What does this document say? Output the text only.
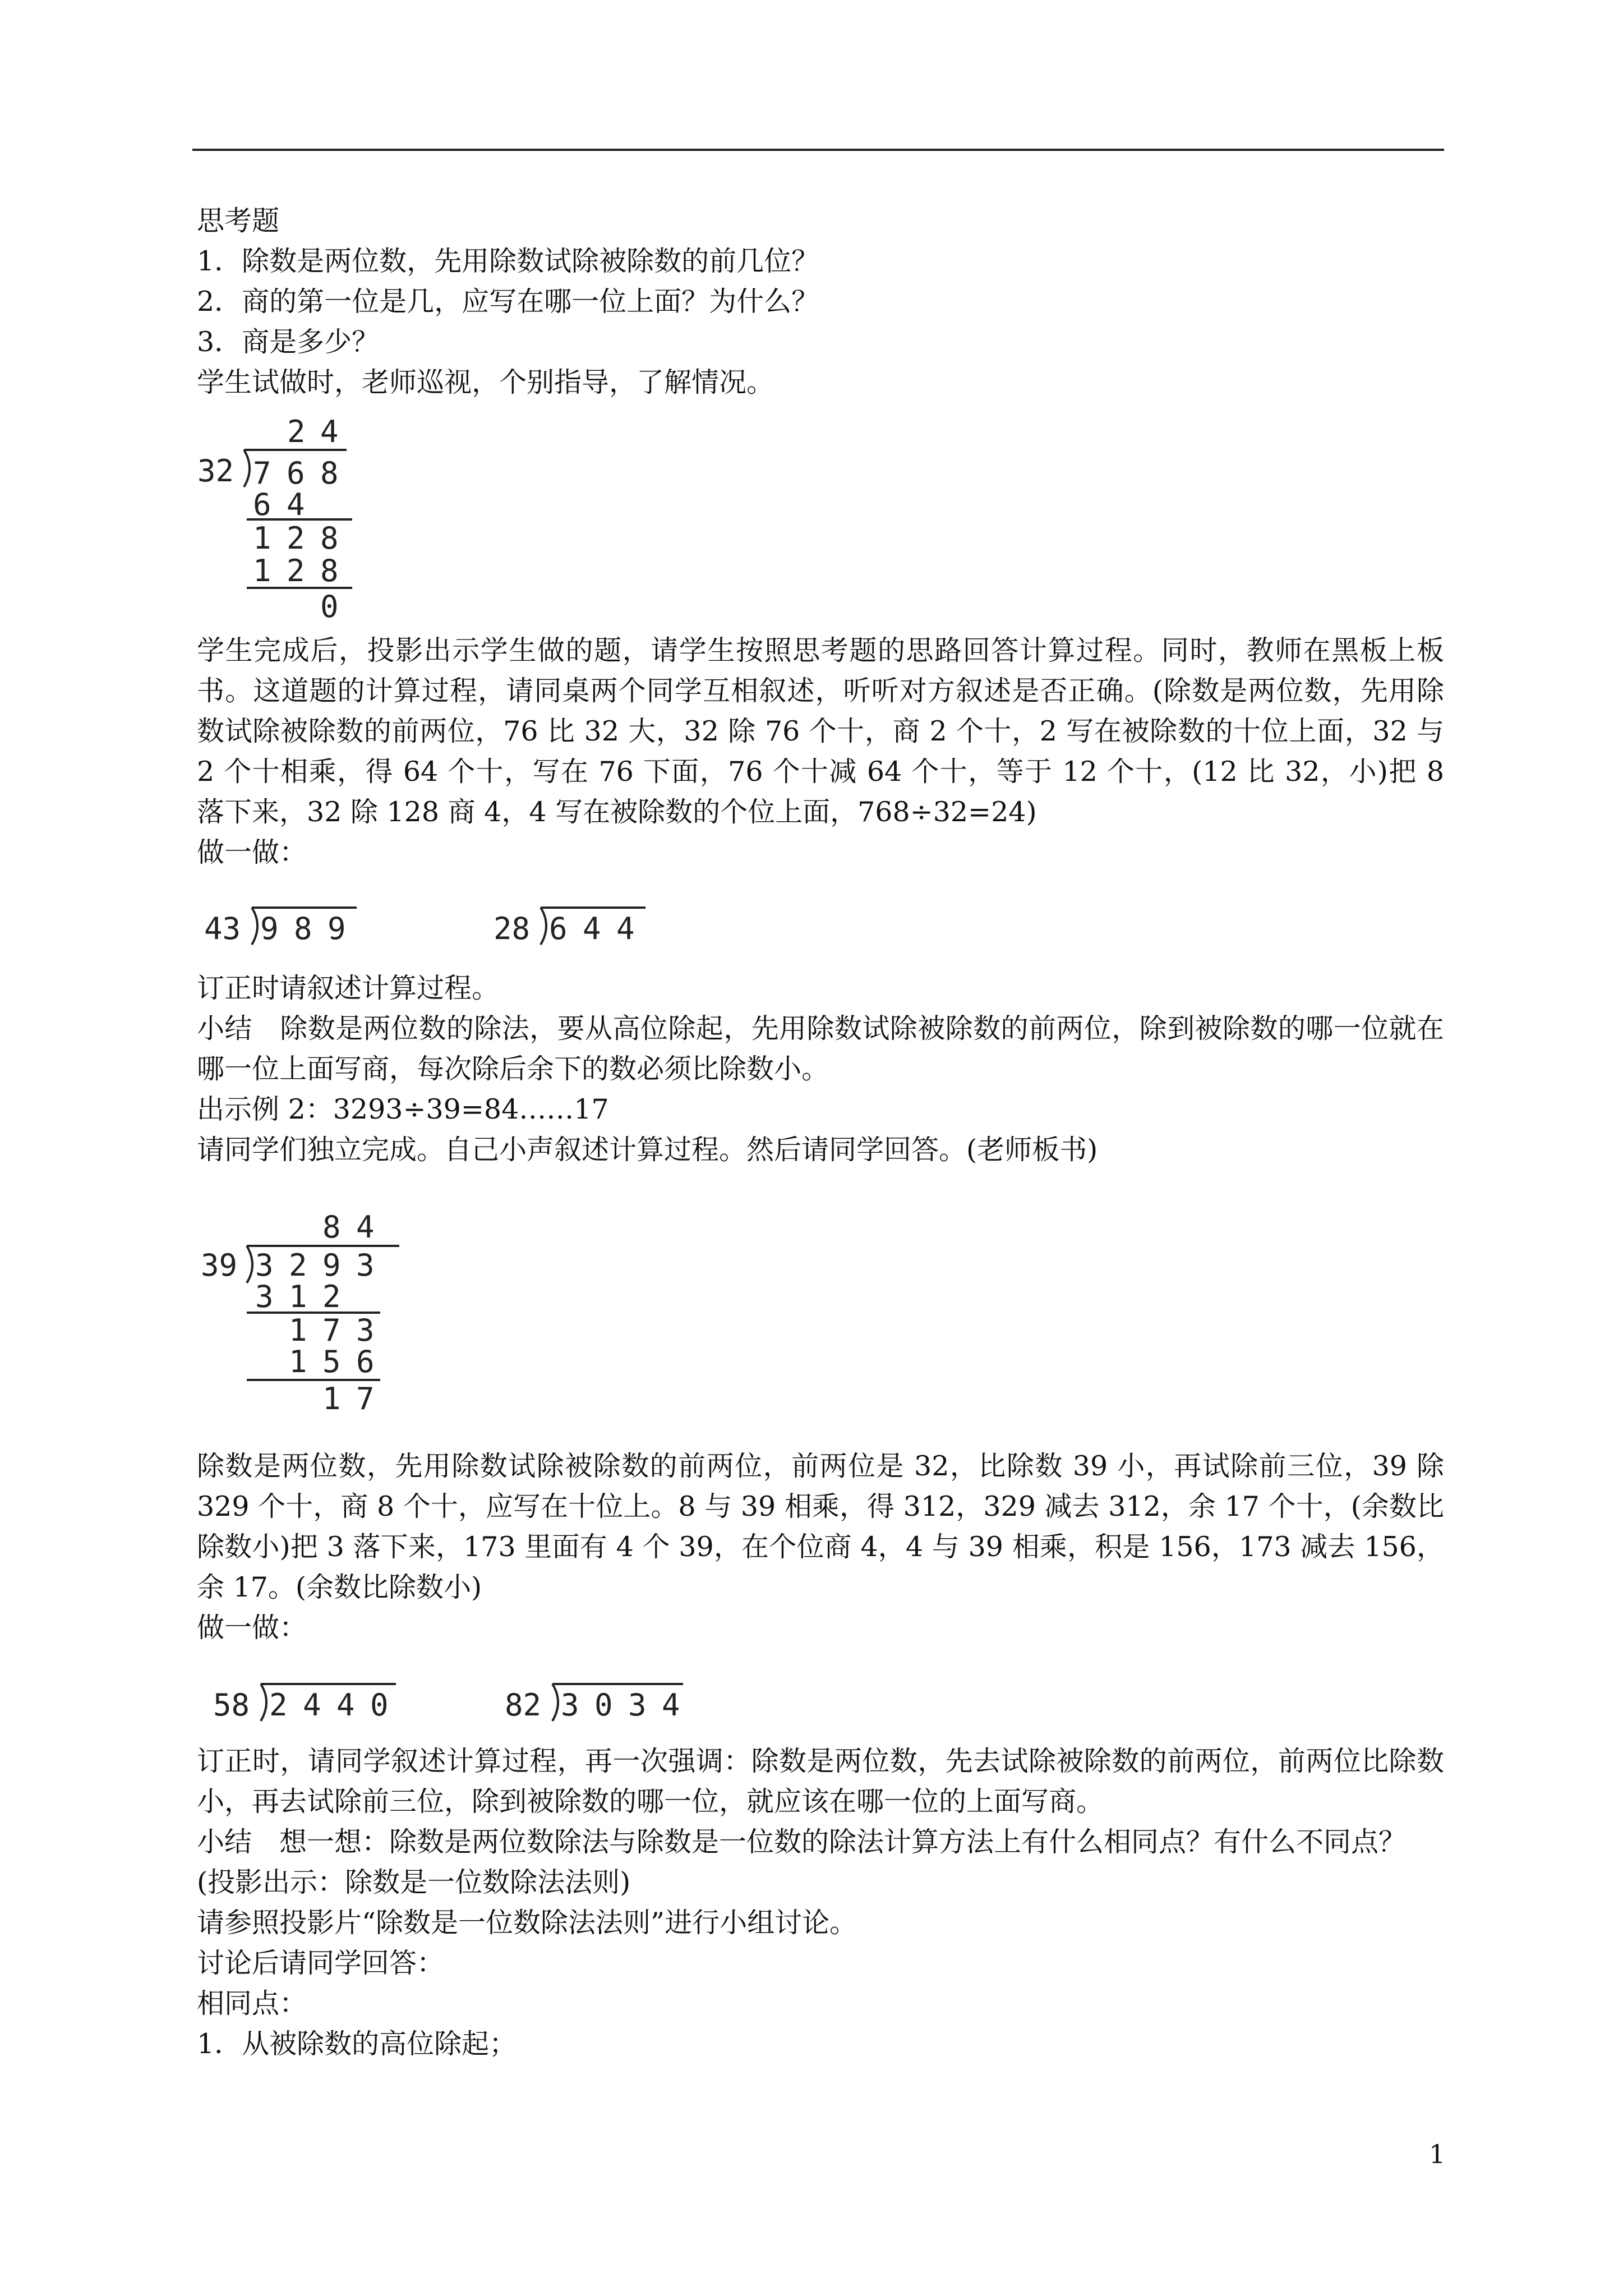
思考题

1．除数是两位数，先用除数试除被除数的前几位？

2．商的第一位是几，应写在哪一位上面？为什么？

3．商是多少？

学生试做时，老师巡视，个别指导，了解情况。

2 4
32 7 6 8
6 4
1 2 8
1 2 8
0

学生完成后，投影出示学生做的题，请学生按照思考题的思路回答计算过程。同时，教师在黑板上板书。这道题的计算过程，请同桌两个同学互相叙述，听听对方叙述是否正确。(除数是两位数，先用除数试除被除数的前两位，76 比 32 大，32 除 76 个十，商 2 个十，2 写在被除数的十位上面，32 与 2 个十相乘，得 64 个十，写在 76 下面，76 个十减 64 个十，等于 12 个十，(12 比 32，小)把 8 落下来，32 除 128 商 4，4 写在被除数的个位上面，768÷32=24)

做一做：

43 9 8 9	28 6 4 4

订正时请叙述计算过程。

小结　除数是两位数的除法，要从高位除起，先用除数试除被除数的前两位，除到被除数的哪一位就在哪一位上面写商，每次除后余下的数必须比除数小。

出示例 2：3293÷39=84……17

请同学们独立完成。自己小声叙述计算过程。然后请同学回答。(老师板书)

8 4
39 3 2 9 3
3 1 2
1 7 3
1 5 6
1 7

除数是两位数，先用除数试除被除数的前两位，前两位是 32，比除数 39 小，再试除前三位，39 除 329 个十，商 8 个十，应写在十位上。8 与 39 相乘，得 312，329 减去 312，余 17 个十，(余数比除数小)把 3 落下来，173 里面有 4 个 39，在个位商 4，4 与 39 相乘，积是 156，173 减去 156，余 17。(余数比除数小)

做一做：

58 2 4 4 0	82 3 0 3 4

订正时，请同学叙述计算过程，再一次强调：除数是两位数，先去试除被除数的前两位，前两位比除数小，再去试除前三位，除到被除数的哪一位，就应该在哪一位的上面写商。

小结　想一想：除数是两位数除法与除数是一位数的除法计算方法上有什么相同点？有什么不同点？(投影出示：除数是一位数除法法则)

请参照投影片“除数是一位数除法法则”进行小组讨论。

讨论后请同学回答：

相同点：

1．从被除数的高位除起；

1
